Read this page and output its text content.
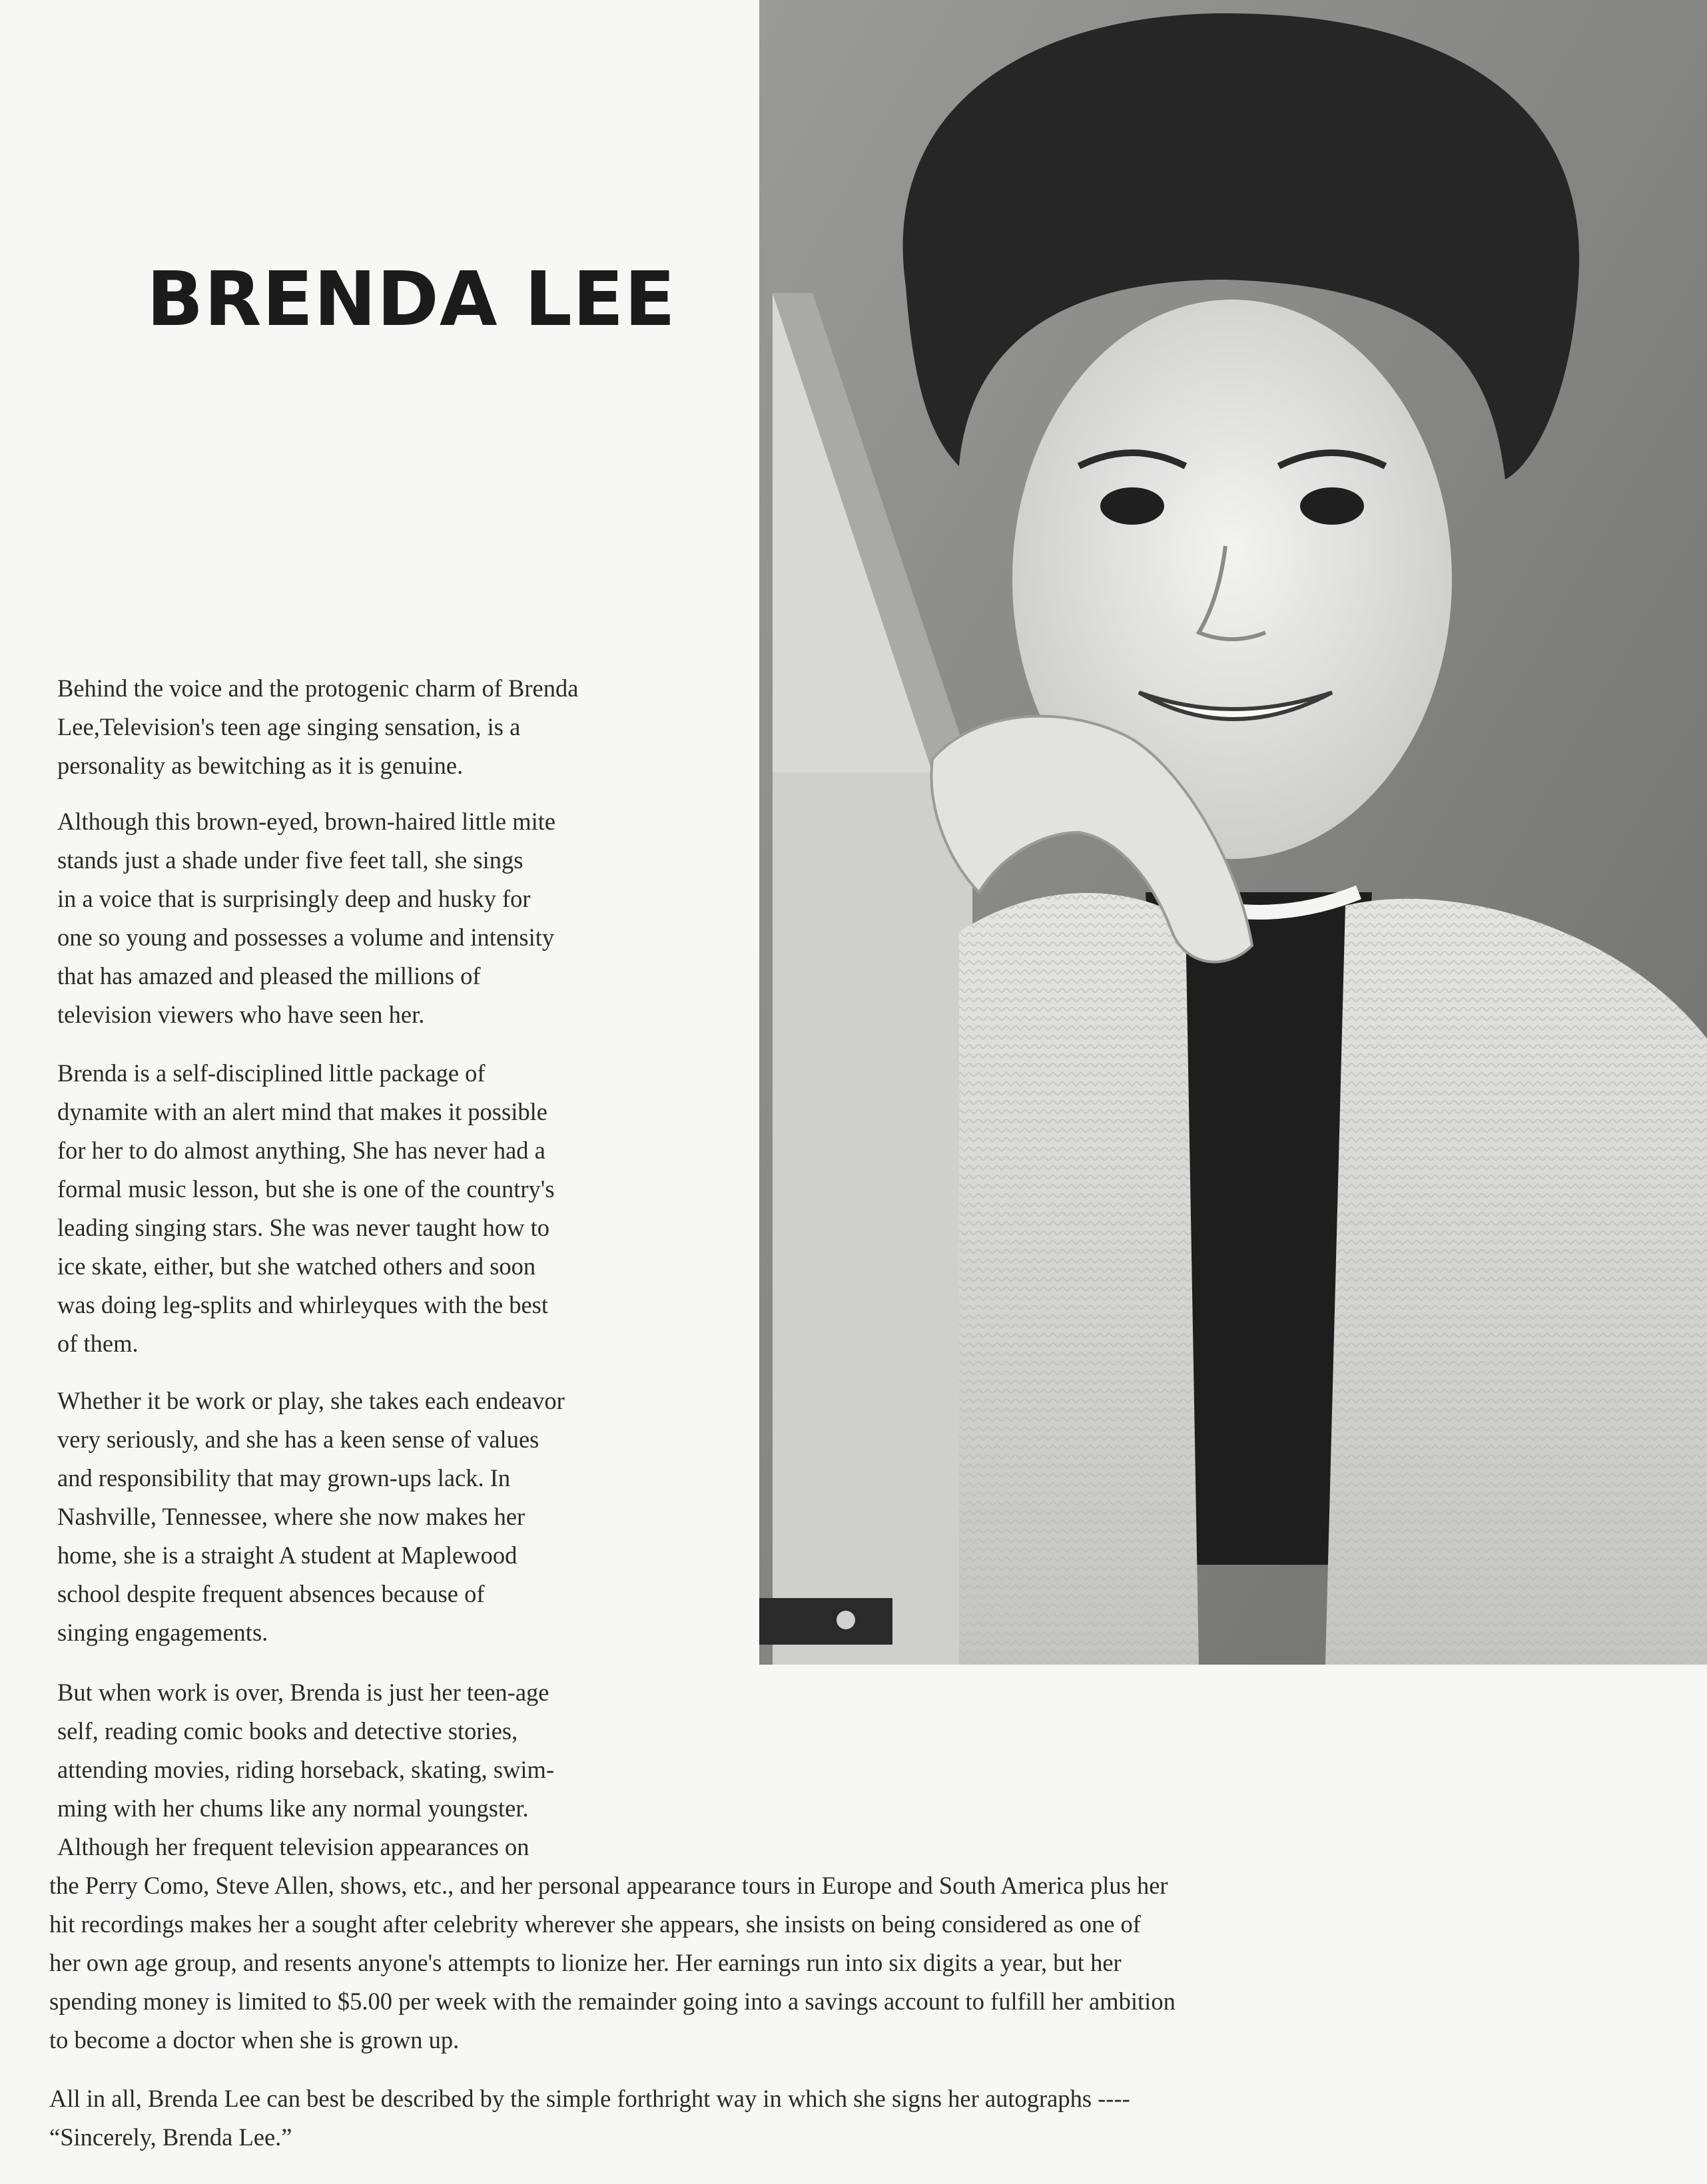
BRENDA LEE

Behind the voice and the protogenic charm of Brenda

Lee,Television's teen age singing sensation, is a

personality as bewitching as it is genuine.

Although this brown-eyed, brown-haired little mite

stands just a shade under five feet tall, she sings

in a voice that is surprisingly deep and husky for

one so young and possesses a volume and intensity

that has amazed and pleased the millions of

television viewers who have seen her.

Brenda is a self-disciplined little package of

dynamite with an alert mind that makes it possible

for her to do almost anything, She has never had a

formal music lesson, but she is one of the country's

leading singing stars. She was never taught how to

ice skate, either, but she watched others and soon

was doing leg-splits and whirleyques with the best

of them.

Whether it be work or play, she takes each endeavor

very seriously, and she has a keen sense of values

and responsibility that may grown-ups lack. In

Nashville, Tennessee, where she now makes her

home, she is a straight A student at Maplewood

school despite frequent absences because of

singing engagements.

But when work is over, Brenda is just her teen-age

self, reading comic books and detective stories,

attending movies, riding horseback, skating, swim-

ming with her chums like any normal youngster.

Although her frequent television appearances on

the Perry Como, Steve Allen, shows, etc., and her personal appearance tours in Europe and South America plus her

hit recordings makes her a sought after celebrity wherever she appears, she insists on being considered as one of

her own age group, and resents anyone's attempts to lionize her. Her earnings run into six digits a year, but her

spending money is limited to $5.00 per week with the remainder going into a savings account to fulfill her ambition

to become a doctor when she is grown up.

All in all, Brenda Lee can best be described by the simple forthright way in which she signs her autographs ----

“Sincerely, Brenda Lee.”
